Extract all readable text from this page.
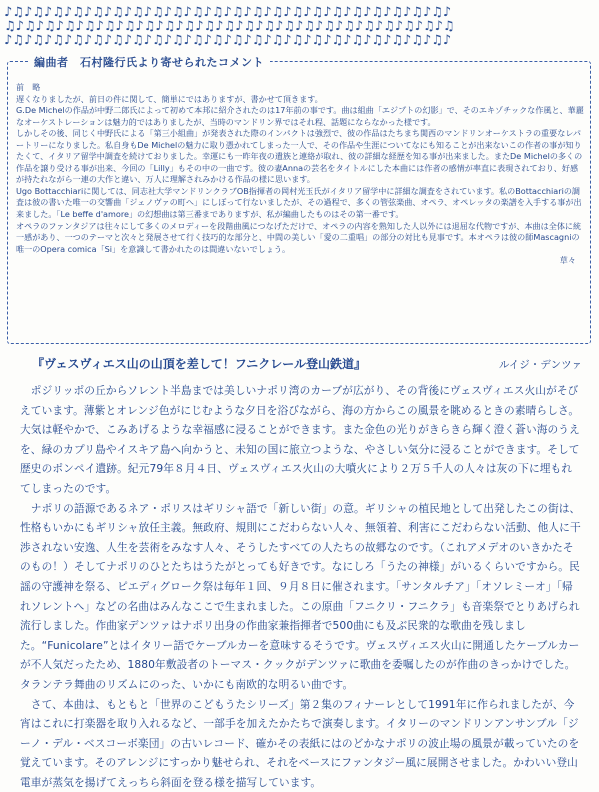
♪♫♪♫♪♫♪♫♪♫♪♫♪♫♪♫♪♫♪♫♪♫♪♫♪♫♪♫♪♫♪♫♪♫♪♫♪♫♪♫♪♫♪♫♪
♫♪♫♪♫♪♫♪♫♪♫♪♫♪♫♪♫♪♫♪♫♪♫♪♫♪♫♪♫♪♫♪♫♪♫♪♫♪♫♪♫♪♫♪♫
♪♫♪♫♪♫♪♫♪♫♪♫♪♫♪♫♪♫♪♫♪♫♪♫♪♫♪♫♪♫♪♫♪♫♪♫♪♫♪♫♪♫♪♫♪
編曲者　石村隆行氏より寄せられたコメント

前　略

遅くなりましたが、前日の件に関して、簡単にではありますが、書かせて頂きます。

G.De Michelの作品が中野二郎氏によって初めて本邦に紹介されたのは17年前の事です。曲は組曲「エジプトの幻影」で、そのエキゾチックな作風と、華麗なオーケストレーションは魅力的ではありましたが、当時のマンドリン界ではそれ程、話題にならなかった様です。

しかしその後、同じく中野氏による「第三小組曲」が発表された際のインパクトは強烈で、彼の作品はたちまち関西のマンドリンオーケストラの重要なレパートリーになりました。私自身もDe Michelの魅力に取り憑かれてしまった一人で、その作品や生涯についてなにも知ることが出来ないこの作者の事が知りたくて、イタリア留学中調査を続けておりました。幸運にも一昨年夜の遺族と連絡が取れ、彼の詳細な経歴を知る事が出来ました。またDe Michelの多くの作品を譲り受ける事が出来、今回の「Lilly」もその中の一曲です。彼の妻Annaの芸名をタイトルにした本曲には作者の感情が率直に表現されており、好感が持たれながら一連の大作と違い、万人に理解されみかける作品の様に思います。

Ugo Bottacchiariに関しては、同志社大学マンドリンクラブOB指揮者の岡村光玉氏がイタリア留学中に詳細な調査をされています。私のBottacchiariの調査は彼の書いた唯一の交響曲「ジェノヴァの町へ」にしぼって行ないましたが、その過程で、多くの管弦楽曲、オペラ、オペレッタの楽譜を入手する事が出来ました。「Le beffe d'amore」の幻想曲は第三番までありますが、私が編曲したものはその第一番です。

オペラのファンタジアは往々にして多くのメロディーを段階曲風につなげただけで、オペラの内容を熟知した人以外には退屈な代物ですが、本曲は全体に統一感があり、一つのテーマと次々と発展させて行く技巧的な部分と、中間の美しい「愛の二重唱」の部分の対比も見事です。本オペラは彼の師Mascagniの唯一のOpera comica「Si」を意識して書かれたのは間違いないでしょう。

草々

『ヴェスヴィエス山の山頂を差して！フニクレール登山鉄道』	ルイジ・デンツァ

　ポジリッポの丘からソレント半島までは美しいナポリ湾のカーブが広がり、その背後にヴェスヴィエス火山がそびえています。薄紫とオレンジ色がにじむような夕日を浴びながら、海の方からこの風景を眺めるときの素晴らしさ。大気は軽やかで、こみあげるような幸福感に浸ることができます。また金色の光りがきらきら輝く澄く蒼い海のうえを、緑のカプリ島やイスキア島へ向かうと、未知の国に旅立つような、やさしい気分に浸ることができます。そして歴史のポンペイ遺跡。紀元79年８月４日、ヴェスヴィエス火山の大噴火により２万５千人の人々は灰の下に埋もれてしまったのです。

　ナポリの語源であるネア・ポリスはギリシャ語で「新しい街」の意。ギリシャの植民地として出発したこの街は、性格もいかにもギリシャ放任主義。無政府、規則にこだわらない人々、無領着、利害にこだわらない活動、他人に干渉されない安逸、人生を芸術をみなす人々、そうしたすべての人たちの故郷なのです。（これアメデオのいきかたそのもの！）そしてナポリのひとたちはうたがとっても好きです。なにしろ「うたの神様」がいるくらいですから。民謡の守護神を祭る、ピエディグローク祭は毎年１回、９月８日に催されます。「サンタルチア」「オソレミーオ」「帰れソレントへ」などの名曲はみんなここで生まれました。この原曲「フニクリ・フニクラ」も音楽祭でとりあげられ流行しました。作曲家デンツァはナポリ出身の作曲家兼指揮者で500曲にも及ぶ民衆的な歌曲を残しました。“Funicolare”とはイタリー語でケーブルカーを意味するそうです。ヴェスヴィエス火山に開通したケーブルカーが不人気だったため、1880年敷設者のトーマス・クックがデンツァに歌曲を委嘱したのが作曲のきっかけでした。タランテラ舞曲のリズムにのった、いかにも南欧的な明るい曲です。

　さて、本曲は、もともと「世界のこどもうたシリーズ」第２集のフィナーレとして1991年に作られましたが、今宵はこれに打楽器を取り入れるなど、一部手を加えたかたちで演奏します。イタリーのマンドリンアンサンブル「ジーノ・デル・ベスコーボ楽団」の古いレコード、確かその表紙にはのどかなナポリの波止場の風景が載っていたのを覚えています。そのアレンジにすっかり魅せられ、それをベースにファンタジー風に展開させました。かわいい登山電車が蒸気を揚げてえっちら斜面を登る様を描写しています。
